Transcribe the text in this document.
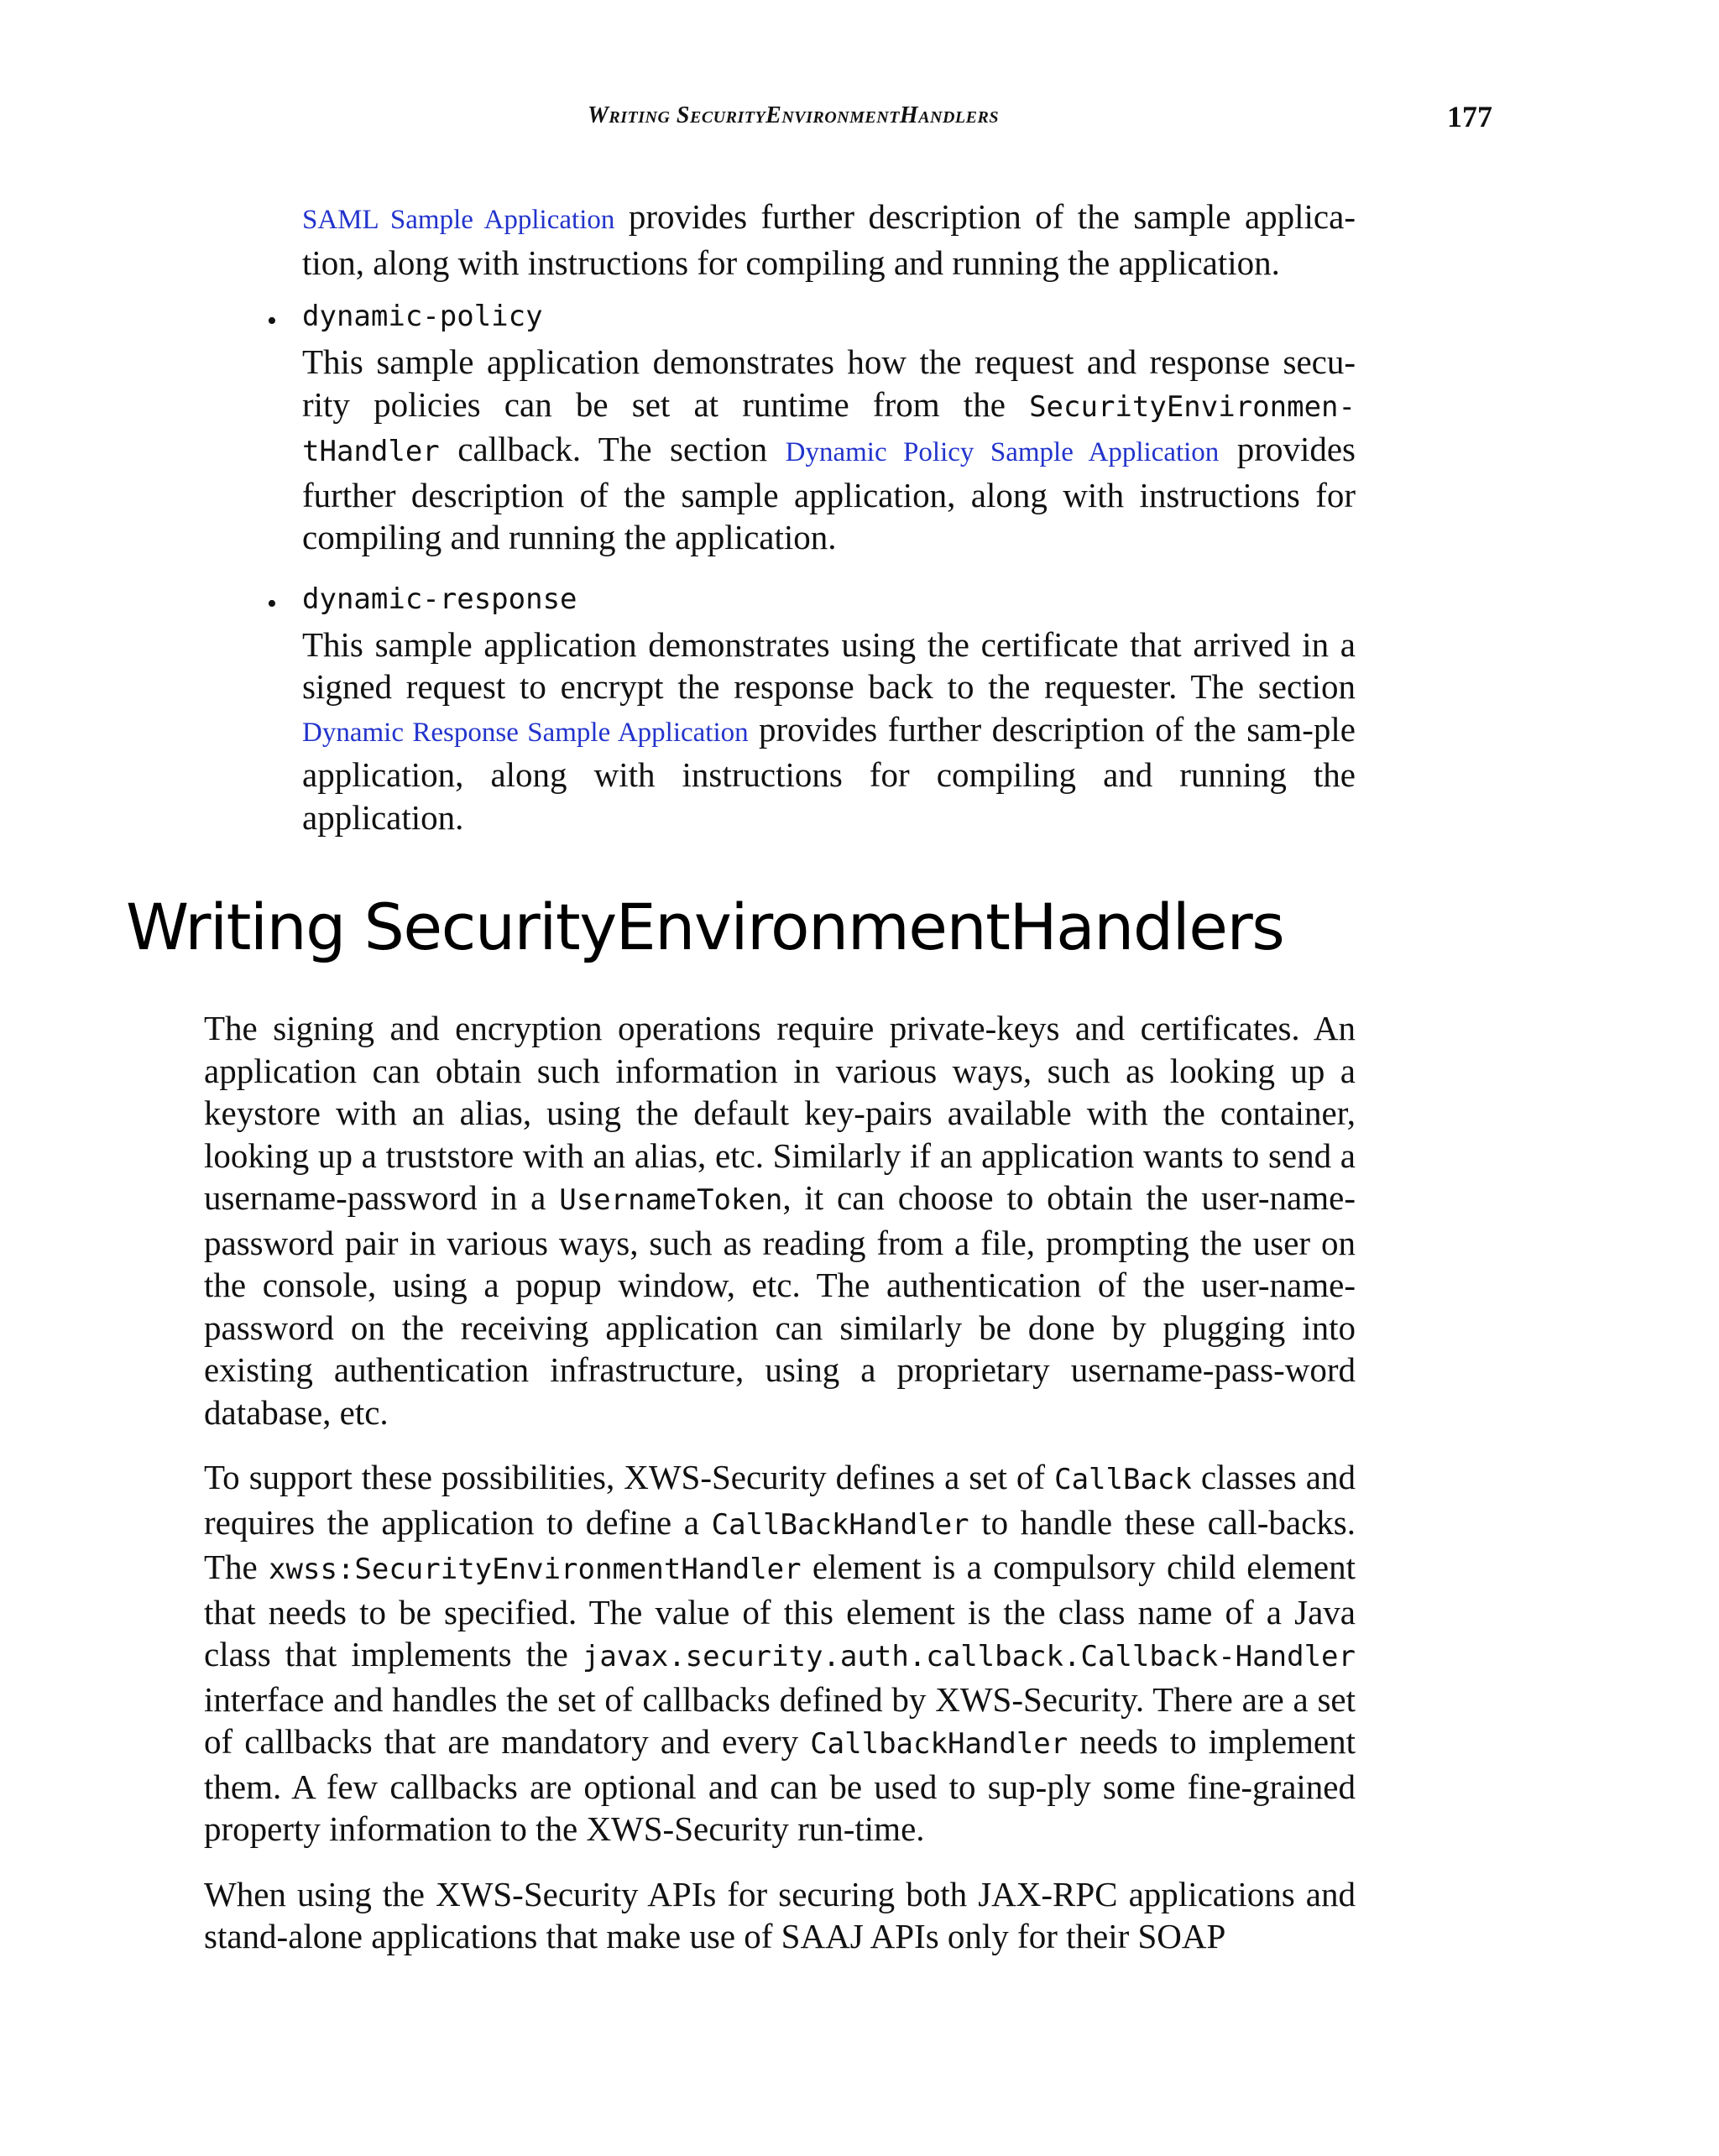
Writing SecurityEnvironmentHandlers	177

SAML Sample Application provides further description of the sample applica-tion, along with instructions for compiling and running the application.

• dynamic-policy

This sample application demonstrates how the request and response secu-rity policies can be set at runtime from the SecurityEnvironmen-tHandler callback. The section Dynamic Policy Sample Application provides further description of the sample application, along with instructions for compiling and running the application.

• dynamic-response

This sample application demonstrates using the certificate that arrived in a signed request to encrypt the response back to the requester. The section Dynamic Response Sample Application provides further description of the sam-ple application, along with instructions for compiling and running the application.

Writing SecurityEnvironmentHandlers

The signing and encryption operations require private-keys and certificates. An application can obtain such information in various ways, such as looking up a keystore with an alias, using the default key-pairs available with the container, looking up a truststore with an alias, etc. Similarly if an application wants to send a username-password in a UsernameToken, it can choose to obtain the user-name-password pair in various ways, such as reading from a file, prompting the user on the console, using a popup window, etc. The authentication of the user-name-password on the receiving application can similarly be done by plugging into existing authentication infrastructure, using a proprietary username-pass-word database, etc.

To support these possibilities, XWS-Security defines a set of CallBack classes and requires the application to define a CallBackHandler to handle these call-backs. The xwss:SecurityEnvironmentHandler element is a compulsory child element that needs to be specified. The value of this element is the class name of a Java class that implements the javax.security.auth.callback.Callback-Handler interface and handles the set of callbacks defined by XWS-Security. There are a set of callbacks that are mandatory and every CallbackHandler needs to implement them. A few callbacks are optional and can be used to sup-ply some fine-grained property information to the XWS-Security run-time.

When using the XWS-Security APIs for securing both JAX-RPC applications and stand-alone applications that make use of SAAJ APIs only for their SOAP
